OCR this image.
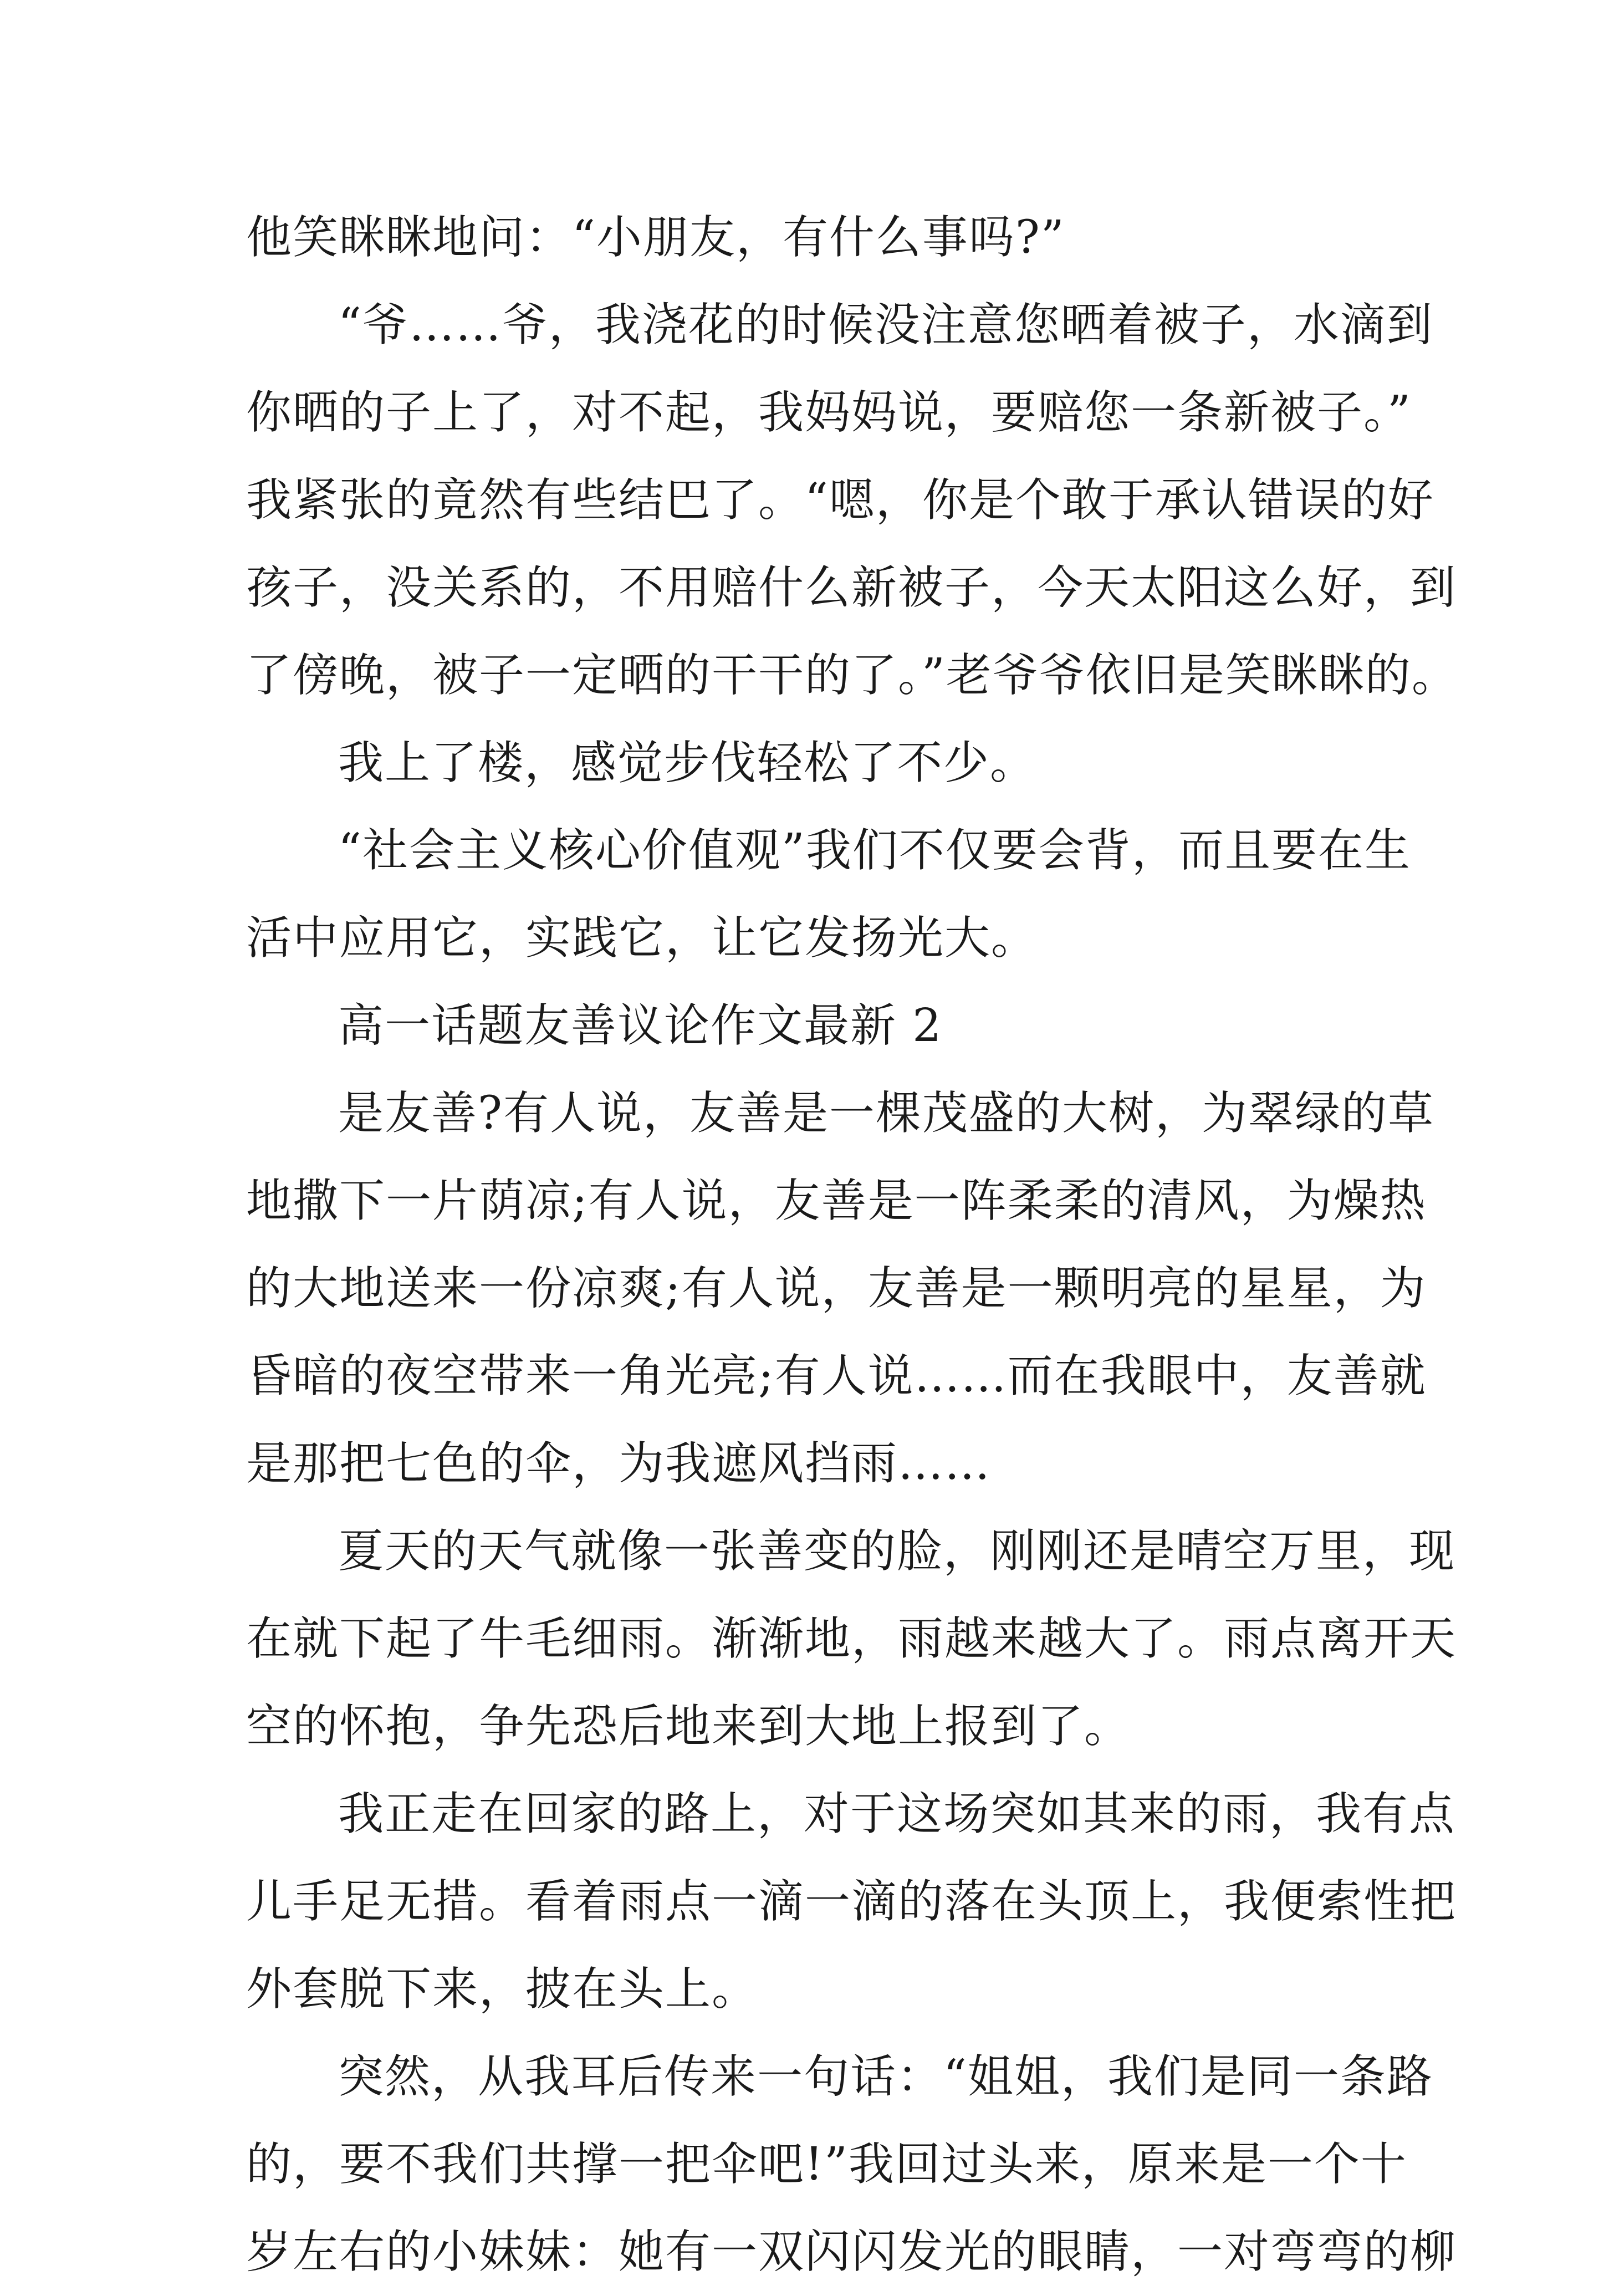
他笑眯眯地问：“小朋友，有什么事吗?”
“爷……爷，我浇花的时候没注意您晒着被子，水滴到
你晒的子上了，对不起，我妈妈说，要赔您一条新被子。”
我紧张的竟然有些结巴了。“嗯，你是个敢于承认错误的好
孩子，没关系的，不用赔什么新被子，今天太阳这么好，到
了傍晚，被子一定晒的干干的了。”老爷爷依旧是笑眯眯的。
我上了楼，感觉步伐轻松了不少。
“社会主义核心价值观”我们不仅要会背，而且要在生
活中应用它，实践它，让它发扬光大。
高一话题友善议论作文最新 2
是友善?有人说，友善是一棵茂盛的大树，为翠绿的草
地撒下一片荫凉;有人说，友善是一阵柔柔的清风，为燥热
的大地送来一份凉爽;有人说，友善是一颗明亮的星星，为
昏暗的夜空带来一角光亮;有人说……而在我眼中，友善就
是那把七色的伞，为我遮风挡雨……
夏天的天气就像一张善变的脸，刚刚还是晴空万里，现
在就下起了牛毛细雨。渐渐地，雨越来越大了。雨点离开天
空的怀抱，争先恐后地来到大地上报到了。
我正走在回家的路上，对于这场突如其来的雨，我有点
儿手足无措。看着雨点一滴一滴的落在头顶上，我便索性把
外套脱下来，披在头上。
突然，从我耳后传来一句话：“姐姐，我们是同一条路
的，要不我们共撑一把伞吧!”我回过头来，原来是一个十
岁左右的小妹妹：她有一双闪闪发光的眼睛，一对弯弯的柳
